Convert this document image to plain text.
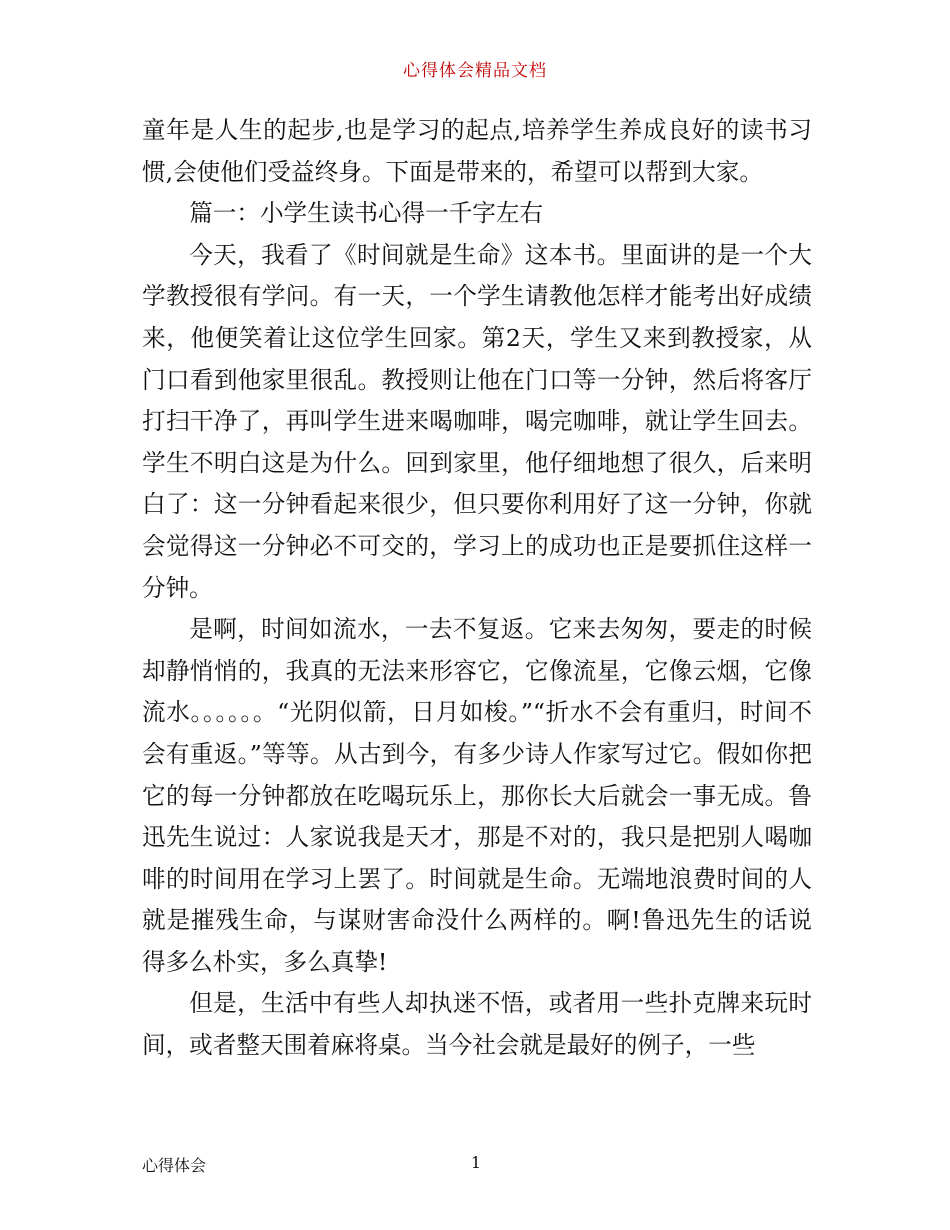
心得体会精品文档

童年是人生的起步,也是学习的起点,培养学生养成良好的读书习惯,会使他们受益终身。下面是带来的，希望可以帮到大家。

篇一：小学生读书心得一千字左右

今天，我看了《时间就是生命》这本书。里面讲的是一个大学教授很有学问。有一天，一个学生请教他怎样才能考出好成绩来，他便笑着让这位学生回家。第2天，学生又来到教授家，从门口看到他家里很乱。教授则让他在门口等一分钟，然后将客厅打扫干净了，再叫学生进来喝咖啡，喝完咖啡，就让学生回去。学生不明白这是为什么。回到家里，他仔细地想了很久，后来明白了：这一分钟看起来很少，但只要你利用好了这一分钟，你就会觉得这一分钟必不可交的，学习上的成功也正是要抓住这样一分钟。

是啊，时间如流水，一去不复返。它来去匆匆，要走的时候却静悄悄的，我真的无法来形容它，它像流星，它像云烟，它像流水。。。。。。“光阴似箭，日月如梭。”“折水不会有重归，时间不会有重返。”等等。从古到今，有多少诗人作家写过它。假如你把它的每一分钟都放在吃喝玩乐上，那你长大后就会一事无成。鲁迅先生说过：人家说我是天才，那是不对的，我只是把别人喝咖啡的时间用在学习上罢了。时间就是生命。无端地浪费时间的人就是摧残生命，与谋财害命没什么两样的。啊!鲁迅先生的话说得多么朴实，多么真挚!

但是，生活中有些人却执迷不悟，或者用一些扑克牌来玩时间，或者整天围着麻将桌。当今社会就是最好的例子，一些

心得体会	1
